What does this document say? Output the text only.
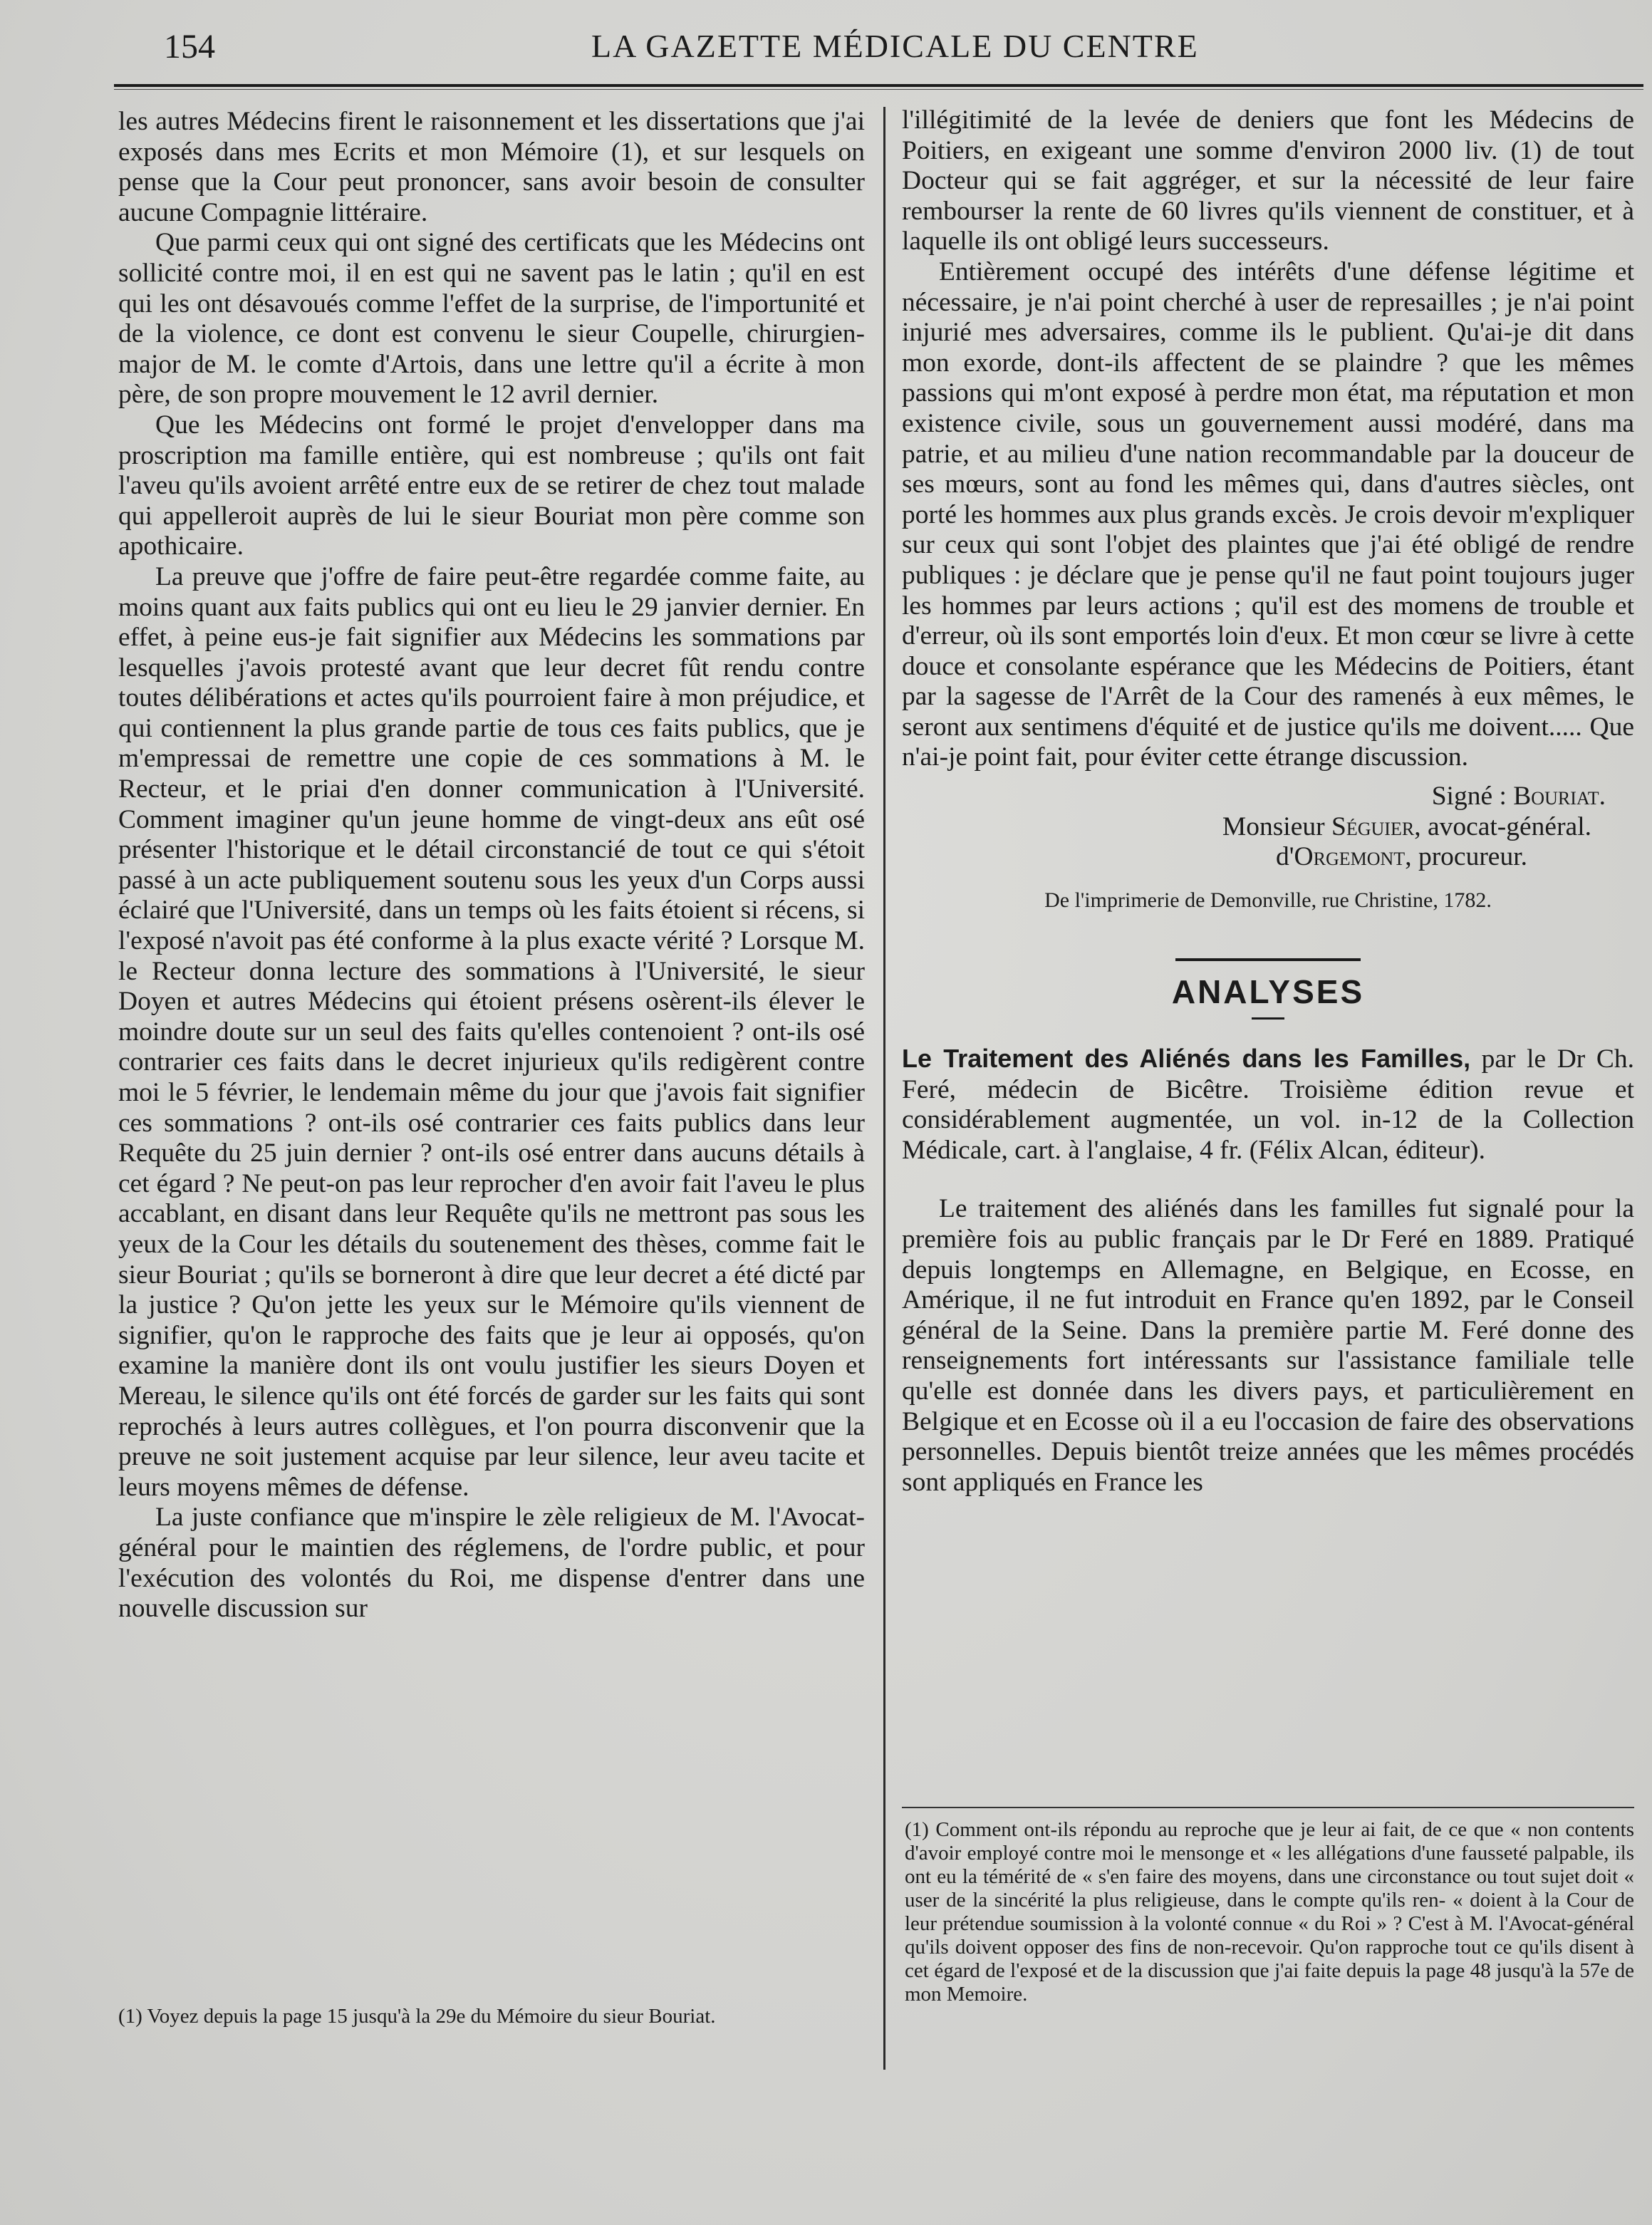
154	LA GAZETTE MÉDICALE DU CENTRE

les autres Médecins firent le raisonnement et les dissertations que j'ai exposés dans mes Ecrits et mon Mémoire (1), et sur lesquels on pense que la Cour peut prononcer, sans avoir besoin de consulter aucune Compagnie littéraire.

Que parmi ceux qui ont signé des certificats que les Médecins ont sollicité contre moi, il en est qui ne savent pas le latin ; qu'il en est qui les ont désavoués comme l'effet de la surprise, de l'importunité et de la violence, ce dont est convenu le sieur Coupelle, chirurgien-major de M. le comte d'Artois, dans une lettre qu'il a écrite à mon père, de son propre mouvement le 12 avril dernier.

Que les Médecins ont formé le projet d'envelopper dans ma proscription ma famille entière, qui est nombreuse ; qu'ils ont fait l'aveu qu'ils avoient arrêté entre eux de se retirer de chez tout malade qui appelleroit auprès de lui le sieur Bouriat mon père comme son apothicaire.

La preuve que j'offre de faire peut-être regardée comme faite, au moins quant aux faits publics qui ont eu lieu le 29 janvier dernier. En effet, à peine eus-je fait signifier aux Médecins les sommations par lesquelles j'avois protesté avant que leur decret fût rendu contre toutes délibérations et actes qu'ils pourroient faire à mon préjudice, et qui contiennent la plus grande partie de tous ces faits publics, que je m'empressai de remettre une copie de ces sommations à M. le Recteur, et le priai d'en donner communication à l'Université. Comment imaginer qu'un jeune homme de vingt-deux ans eût osé présenter l'historique et le détail circonstancié de tout ce qui s'étoit passé à un acte publiquement soutenu sous les yeux d'un Corps aussi éclairé que l'Université, dans un temps où les faits étoient si récens, si l'exposé n'avoit pas été conforme à la plus exacte vérité ? Lorsque M. le Recteur donna lecture des sommations à l'Université, le sieur Doyen et autres Médecins qui étoient présens osèrent-ils élever le moindre doute sur un seul des faits qu'elles contenoient ? ont-ils osé contrarier ces faits dans le decret injurieux qu'ils redigèrent contre moi le 5 février, le lendemain même du jour que j'avois fait signifier ces sommations ? ont-ils osé contrarier ces faits publics dans leur Requête du 25 juin dernier ? ont-ils osé entrer dans aucuns détails à cet égard ? Ne peut-on pas leur reprocher d'en avoir fait l'aveu le plus accablant, en disant dans leur Requête qu'ils ne mettront pas sous les yeux de la Cour les détails du soutenement des thèses, comme fait le sieur Bouriat ; qu'ils se borneront à dire que leur decret a été dicté par la justice ? Qu'on jette les yeux sur le Mémoire qu'ils viennent de signifier, qu'on le rapproche des faits que je leur ai opposés, qu'on examine la manière dont ils ont voulu justifier les sieurs Doyen et Mereau, le silence qu'ils ont été forcés de garder sur les faits qui sont reprochés à leurs autres collègues, et l'on pourra disconvenir que la preuve ne soit justement acquise par leur silence, leur aveu tacite et leurs moyens mêmes de défense.

La juste confiance que m'inspire le zèle religieux de M. l'Avocat-général pour le maintien des réglemens, de l'ordre public, et pour l'exécution des volontés du Roi, me dispense d'entrer dans une nouvelle discussion sur

l'illégitimité de la levée de deniers que font les Médecins de Poitiers, en exigeant une somme d'environ 2000 liv. (1) de tout Docteur qui se fait aggréger, et sur la nécessité de leur faire rembourser la rente de 60 livres qu'ils viennent de constituer, et à laquelle ils ont obligé leurs successeurs.

Entièrement occupé des intérêts d'une défense légitime et nécessaire, je n'ai point cherché à user de represailles ; je n'ai point injurié mes adversaires, comme ils le publient. Qu'ai-je dit dans mon exorde, dont-ils affectent de se plaindre ? que les mêmes passions qui m'ont exposé à perdre mon état, ma réputation et mon existence civile, sous un gouvernement aussi modéré, dans ma patrie, et au milieu d'une nation recommandable par la douceur de ses mœurs, sont au fond les mêmes qui, dans d'autres siècles, ont porté les hommes aux plus grands excès. Je crois devoir m'expliquer sur ceux qui sont l'objet des plaintes que j'ai été obligé de rendre publiques : je déclare que je pense qu'il ne faut point toujours juger les hommes par leurs actions ; qu'il est des momens de trouble et d'erreur, où ils sont emportés loin d'eux. Et mon cœur se livre à cette douce et consolante espérance que les Médecins de Poitiers, étant par la sagesse de l'Arrêt de la Cour des ramenés à eux mêmes, le seront aux sentimens d'équité et de justice qu'ils me doivent..... Que n'ai-je point fait, pour éviter cette étrange discussion.

Signé : Bouriat.

Monsieur Séguier, avocat-général.

d'Orgemont, procureur.

De l'imprimerie de Demonville, rue Christine, 1782.

ANALYSES

Le Traitement des Aliénés dans les Familles, par le Dr Ch. Feré, médecin de Bicêtre. Troisième édition revue et considérablement augmentée, un vol. in-12 de la Collection Médicale, cart. à l'anglaise, 4 fr. (Félix Alcan, éditeur).

Le traitement des aliénés dans les familles fut signalé pour la première fois au public français par le Dr Feré en 1889. Pratiqué depuis longtemps en Allemagne, en Belgique, en Ecosse, en Amérique, il ne fut introduit en France qu'en 1892, par le Conseil général de la Seine. Dans la première partie M. Feré donne des renseignements fort intéressants sur l'assistance familiale telle qu'elle est donnée dans les divers pays, et particulièrement en Belgique et en Ecosse où il a eu l'occasion de faire des observations personnelles. Depuis bientôt treize années que les mêmes procédés sont appliqués en France les

(1) Comment ont-ils répondu au reproche que je leur ai fait, de ce que « non contents d'avoir employé contre moi le mensonge et « les allégations d'une fausseté palpable, ils ont eu la témérité de « s'en faire des moyens, dans une circonstance ou tout sujet doit « user de la sincérité la plus religieuse, dans le compte qu'ils ren- « doient à la Cour de leur prétendue soumission à la volonté connue « du Roi » ? C'est à M. l'Avocat-général qu'ils doivent opposer des fins de non-recevoir. Qu'on rapproche tout ce qu'ils disent à cet égard de l'exposé et de la discussion que j'ai faite depuis la page 48 jusqu'à la 57e de mon Memoire.
(1) Voyez depuis la page 15 jusqu'à la 29e du Mémoire du sieur Bouriat.
